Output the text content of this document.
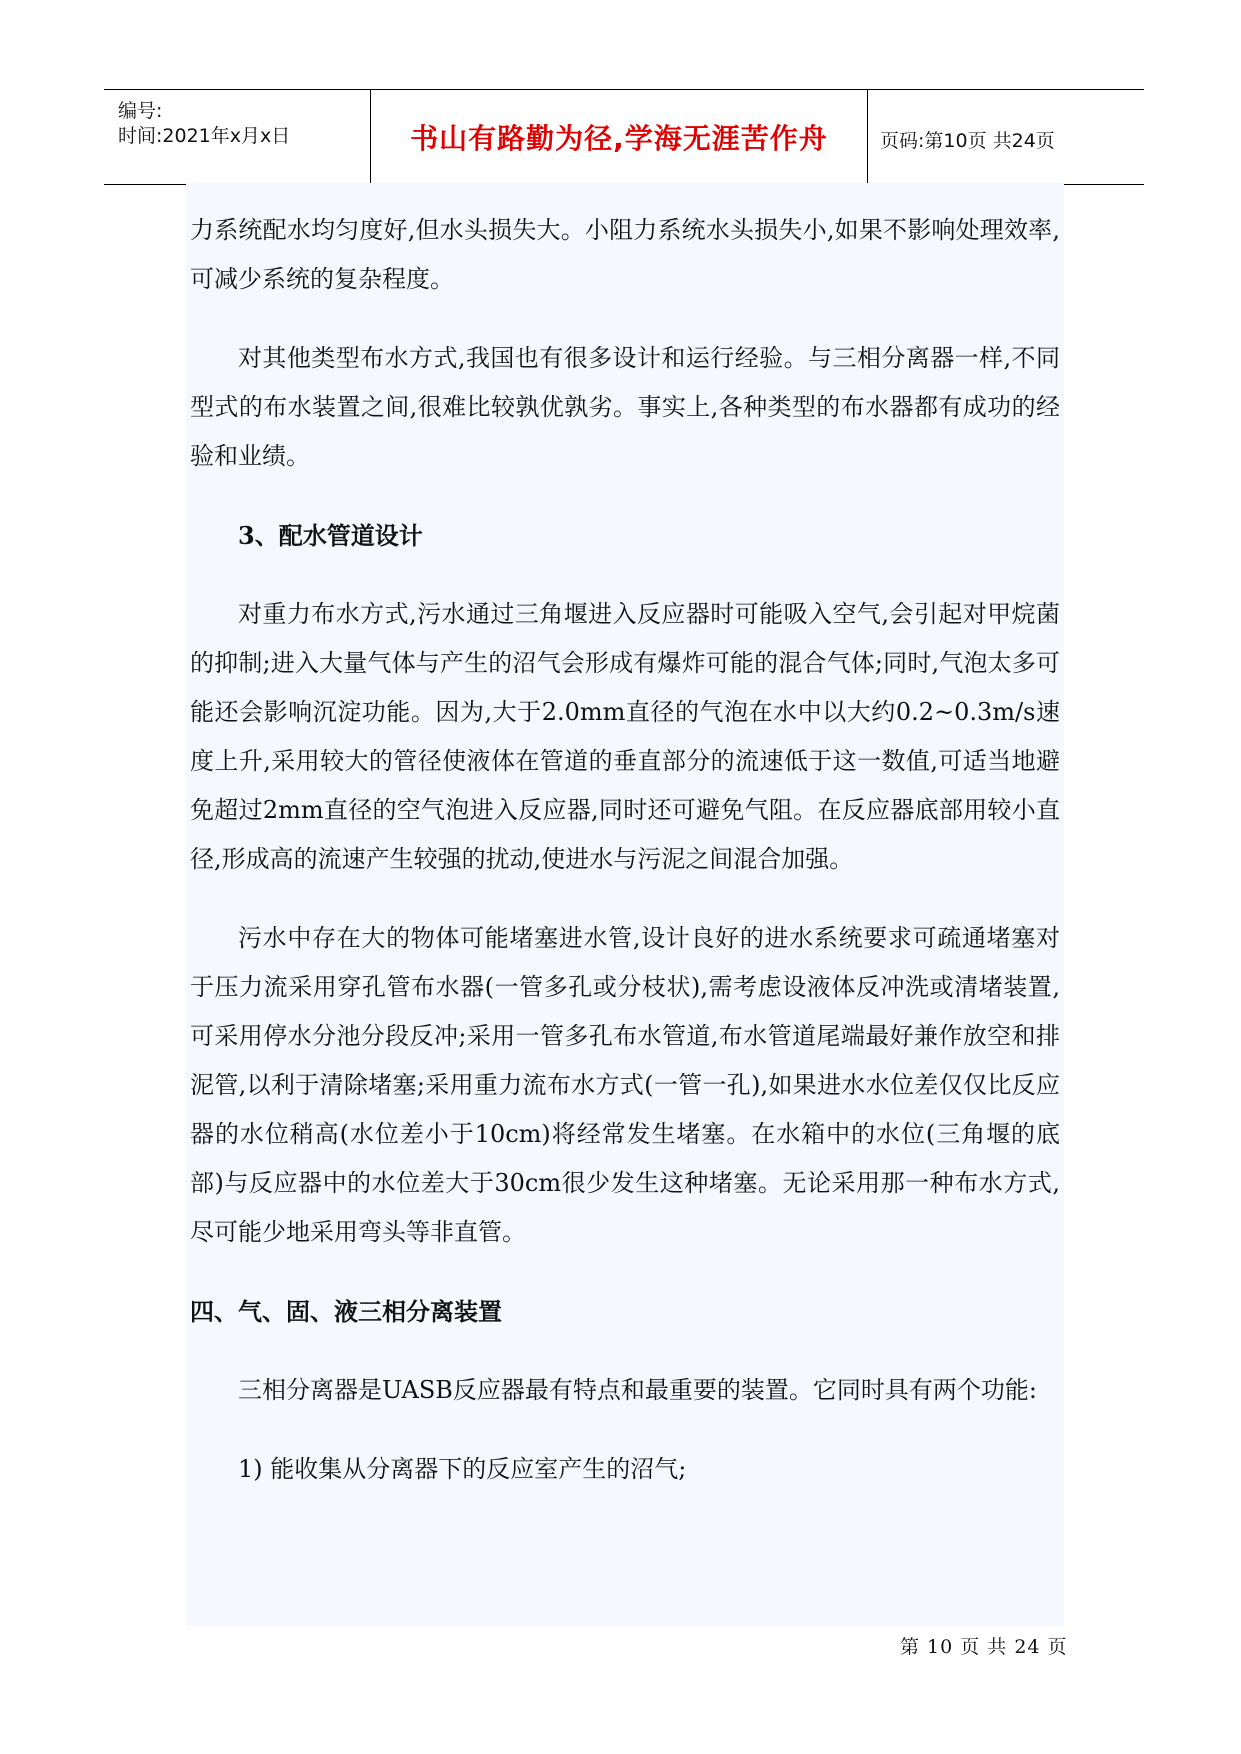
编号:
时间:2021年x月x日	书山有路勤为径,学海无涯苦作舟	页码:第10页 共24页

力系统配水均匀度好,但水头损失大。小阻力系统水头损失小,如果不影响处理效率,可减少系统的复杂程度。

对其他类型布水方式,我国也有很多设计和运行经验。与三相分离器一样,不同型式的布水装置之间,很难比较孰优孰劣。事实上,各种类型的布水器都有成功的经验和业绩。

3、配水管道设计

对重力布水方式,污水通过三角堰进入反应器时可能吸入空气,会引起对甲烷菌的抑制;进入大量气体与产生的沼气会形成有爆炸可能的混合气体;同时,气泡太多可能还会影响沉淀功能。因为,大于2.0mm直径的气泡在水中以大约0.2~0.3m/s速度上升,采用较大的管径使液体在管道的垂直部分的流速低于这一数值,可适当地避免超过2mm直径的空气泡进入反应器,同时还可避免气阻。在反应器底部用较小直径,形成高的流速产生较强的扰动,使进水与污泥之间混合加强。

污水中存在大的物体可能堵塞进水管,设计良好的进水系统要求可疏通堵塞对于压力流采用穿孔管布水器(一管多孔或分枝状),需考虑设液体反冲洗或清堵装置,可采用停水分池分段反冲;采用一管多孔布水管道,布水管道尾端最好兼作放空和排泥管,以利于清除堵塞;采用重力流布水方式(一管一孔),如果进水水位差仅仅比反应器的水位稍高(水位差小于10cm)将经常发生堵塞。在水箱中的水位(三角堰的底部)与反应器中的水位差大于30cm很少发生这种堵塞。无论采用那一种布水方式,尽可能少地采用弯头等非直管。

四、气、固、液三相分离装置

三相分离器是UASB反应器最有特点和最重要的装置。它同时具有两个功能:

1) 能收集从分离器下的反应室产生的沼气;

第 10 页 共 24 页
